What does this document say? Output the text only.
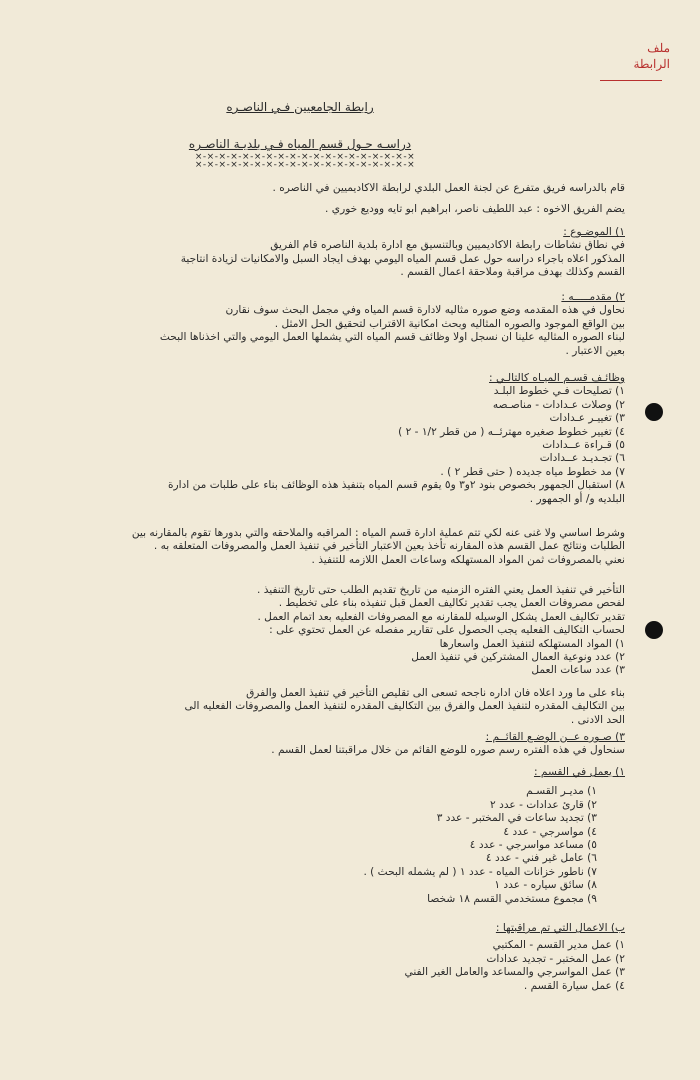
ملف
الرابطة
رابطة الجامعيين فـي الناصـره
دراسـه حـول قسم المياه فـي بلديـة الناصـره
×-×-×-×-×-×-×-×-×-×-×-×-×-×-×-×-×-×-×
×-×-×-×-×-×-×-×-×-×-×-×-×-×-×-×-×-×-×
قام بالدراسه فريق متفرع عن لجنة العمل البلدي لرابطة الاكاديميين في الناصره .
يضم الفريق الاخوه : عبد اللطيف ناصر، ابراهيم ابو تايه ووديع خوري .
١) الموضـوع :
في نطاق نشاطات رابطة الاكاديميين وبالتنسيق مع ادارة بلدية الناصره قام الفريق
المذكور اعلاه باجراء دراسه حول عمل قسم المياه اليومي بهدف ايجاد السبل والامكانيات لزيادة انتاجية
القسم وكذلك بهدف مراقبة وملاحقة اعمال القسم .
٢) مقدمـــــه :
نحاول في هذه المقدمه وضع صوره مثاليه لادارة قسم المياه وفي مجمل البحث سوف نقارن
بين الواقع الموجود والصوره المثاليه وبحث امكانية الاقتراب لتحقيق الحل الامثل .
لبناء الصوره المثاليه علينا ان نسجل اولا وظائف قسم المياه التي يشملها العمل اليومي والتي اخذناها البحث
بعين الاعتبار .
وظائـف قسـم الميـاه كالتالـي :
١) تصليحات فـي خطوط البلـد
٢) وصلات عـدادات - مناصـصه
٣) تغييـر عـدادات
٤) تغيير خطوط صغيره مهترئــه ( من قطر ١/٢ - ٢ )
٥) قـراءة عــدادات
٦) تجـديـد عــدادات
٧) مد خطوط مياه جديده ( حتى قطر ٢ ) .
٨) استقبال الجمهور بخصوص بنود ٢و٣ و٥ يقوم قسم المياه بتنفيذ هذه الوظائف بناء على طلبات من ادارة
البلديه و/ أو الجمهور .
وشرط اساسي ولا غنى عنه لكي تتم عملية ادارة قسم المياه : المراقبه والملاحقه والتي بدورها تقوم بالمقارنه بين
الطلبات ونتائج عمل القسم هذه المقارنه تأخذ بعين الاعتبار التأخير في تنفيذ العمل والمصروفات المتعلقه به .
نعني بالمصروفات ثمن المواد المستهلكه وساعات العمل اللازمه للتنفيذ .
التأخير في تنفيذ العمل يعني الفتره الزمنيه من تاريخ تقديم الطلب حتى تاريخ التنفيذ .
لفحص مصروفات العمل يجب تقدير تكاليف العمل قبل تنفيذه بناء على تخطيط .
تقدير تكاليف العمل يشكل الوسيله للمقارنه مع المصروفات الفعليه بعد اتمام العمل .
لحساب التكاليف الفعليه يجب الحصول على تقارير مفصله عن العمل تحتوي على :
١) المواد المستهلكه لتنفيذ العمل واسعارها
٢) عدد ونوعية العمال المشتركين في تنفيذ العمل
٣) عدد ساعات العمل
بناء على ما ورد اعلاه فان اداره ناجحه تسعى الى تقليص التأخير في تنفيذ العمل والفرق
بين التكاليف المقدره لتنفيذ العمل والفرق بين التكاليف المقدره لتنفيذ العمل والمصروفات الفعليه الى
الحد الادنى .
٣) صـوره عــن الوضـع القائــم :
سنحاول في هذه الفتره رسم صوره للوضع القائم من خلال مراقبتنا لعمل القسم .
١) يعمل في القسم :
١) مديـر القسـم
٢) قارئ عدادات - عدد ٢
٣) تجديد ساعات في المختبر - عدد ٣
٤) مواسرجي - عدد ٤
٥) مساعد مواسرجي - عدد ٤
٦) عامل غير فني - عدد ٤
٧) ناطور خزانات المياه - عدد ١ ( لم يشمله البحث ) .
٨) سائق سياره - عدد ١
٩) مجموع مستخدمي القسم ١٨ شخصا
ب) الاعمال التي تم مراقبتها :
١) عمل مدير القسم - المكتبي
٢) عمل المختبر - تجديد عدادات
٣) عمل المواسرجي والمساعد والعامل الغير الفني
٤) عمل سيارة القسم .
